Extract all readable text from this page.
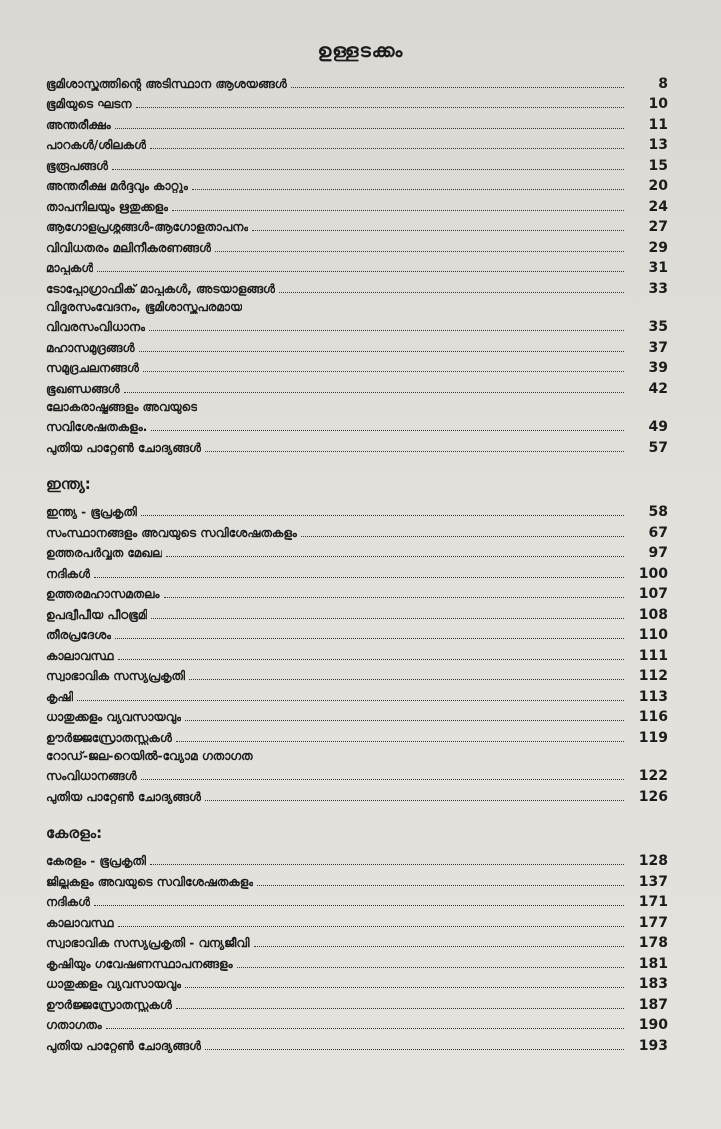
ഉള്ളടക്കം
ഭൂമിശാസ്ത്രത്തിന്റെ അടിസ്ഥാന ആശയങ്ങൾ	8
ഭൂമിയുടെ ഘടന	10
അന്തരീക്ഷം	11
പാറകൾ/ശിലകൾ	13
ഭൂരൂപങ്ങൾ	15
അന്തരീക്ഷ മർദ്ദവും കാറ്റും	20
താപനിലയും ഋതുക്കളും	24
ആഗോളപ്രശ്നങ്ങൾ-ആഗോളതാപനം	27
വിവിധതരം മലിനീകരണങ്ങൾ	29
മാപ്പുകൾ	31
ടോപ്പോഗ്രാഫിക് മാപ്പുകൾ, അടയാളങ്ങൾ	33
വിദൂരസംവേദനം, ഭൂമിശാസ്ത്രപരമായ
വിവരസംവിധാനം	35
മഹാസമുദ്രങ്ങൾ	37
സമുദ്രചലനങ്ങൾ	39
ഭൂഖണ്ഡങ്ങൾ	42
ലോകരാഷ്ട്രങ്ങളും അവയുടെ
സവിശേഷതകളും.	49
പുതിയ പാറ്റേൺ ചോദ്യങ്ങൾ	57
ഇന്ത്യ:
ഇന്ത്യ - ഭൂപ്രകൃതി	58
സംസ്ഥാനങ്ങളും അവയുടെ സവിശേഷതകളും	67
ഉത്തരപർവ്വത മേഖല	97
നദികൾ	100
ഉത്തരമഹാസമതലം	107
ഉപദ്വീപീയ പീഠഭൂമി	108
തീരപ്രദേശം	110
കാലാവസ്ഥ	111
സ്വാഭാവിക സസ്യപ്രകൃതി	112
കൃഷി	113
ധാതുക്കളും വ്യവസായവും	116
ഊർജ്ജസ്രോതസ്സുകൾ	119
റോഡ്-ജല-റെയിൽ-വ്യോമ ഗതാഗത
സംവിധാനങ്ങൾ	122
പുതിയ പാറ്റേൺ ചോദ്യങ്ങൾ	126
കേരളം:
കേരളം - ഭൂപ്രകൃതി	128
ജില്ലകളും അവയുടെ സവിശേഷതകളും	137
നദികൾ	171
കാലാവസ്ഥ	177
സ്വാഭാവിക സസ്യപ്രകൃതി - വന്യജീവി	178
കൃഷിയും ഗവേഷണസ്ഥാപനങ്ങളും	181
ധാതുക്കളും വ്യവസായവും	183
ഊർജ്ജസ്രോതസ്സുകൾ	187
ഗതാഗതം	190
പുതിയ പാറ്റേൺ ചോദ്യങ്ങൾ	193
